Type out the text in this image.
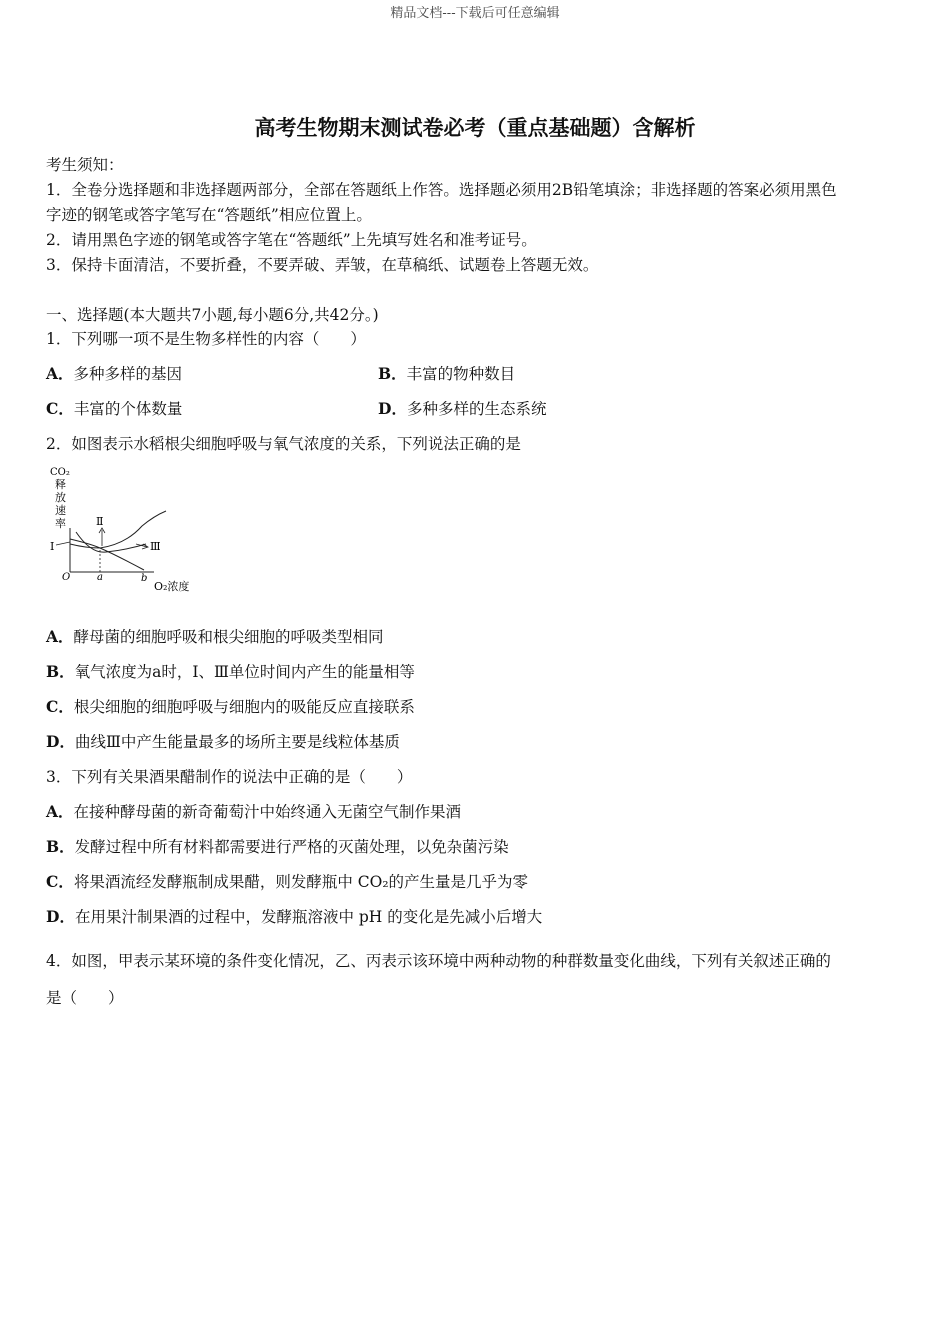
精品文档---下载后可任意编辑
高考生物期末测试卷必考（重点基础题）含解析
考生须知：
1．全卷分选择题和非选择题两部分，全部在答题纸上作答。选择题必须用2B铅笔填涂；非选择题的答案必须用黑色
字迹的钢笔或答字笔写在“答题纸”相应位置上。
2．请用黑色字迹的钢笔或答字笔在“答题纸”上先填写姓名和准考证号。
3．保持卡面清洁，不要折叠，不要弄破、弄皱，在草稿纸、试题卷上答题无效。
一、选择题(本大题共7小题,每小题6分,共42分。)
1．下列哪一项不是生物多样性的内容（　　）
A．多种多样的基因	B．丰富的物种数目
C．丰富的个体数量	D．多种多样的生态系统
2．如图表示水稻根尖细胞呼吸与氧气浓度的关系，下列说法正确的是
CO₂
释
放
速
率
O	a	b
O₂浓度
Ⅰ
Ⅱ
Ⅲ
A．酵母菌的细胞呼吸和根尖细胞的呼吸类型相同
B．氧气浓度为a时，Ⅰ、Ⅲ单位时间内产生的能量相等
C．根尖细胞的细胞呼吸与细胞内的吸能反应直接联系
D．曲线Ⅲ中产生能量最多的场所主要是线粒体基质
3．下列有关果酒果醋制作的说法中正确的是（　　）
A．在接种酵母菌的新奇葡萄汁中始终通入无菌空气制作果酒
B．发酵过程中所有材料都需要进行严格的灭菌处理，以免杂菌污染
C．将果酒流经发酵瓶制成果醋，则发酵瓶中 CO₂的产生量是几乎为零
D．在用果汁制果酒的过程中，发酵瓶溶液中 pH 的变化是先减小后增大
4．如图，甲表示某环境的条件变化情况，乙、丙表示该环境中两种动物的种群数量变化曲线，下列有关叙述正确的
是（　　）
